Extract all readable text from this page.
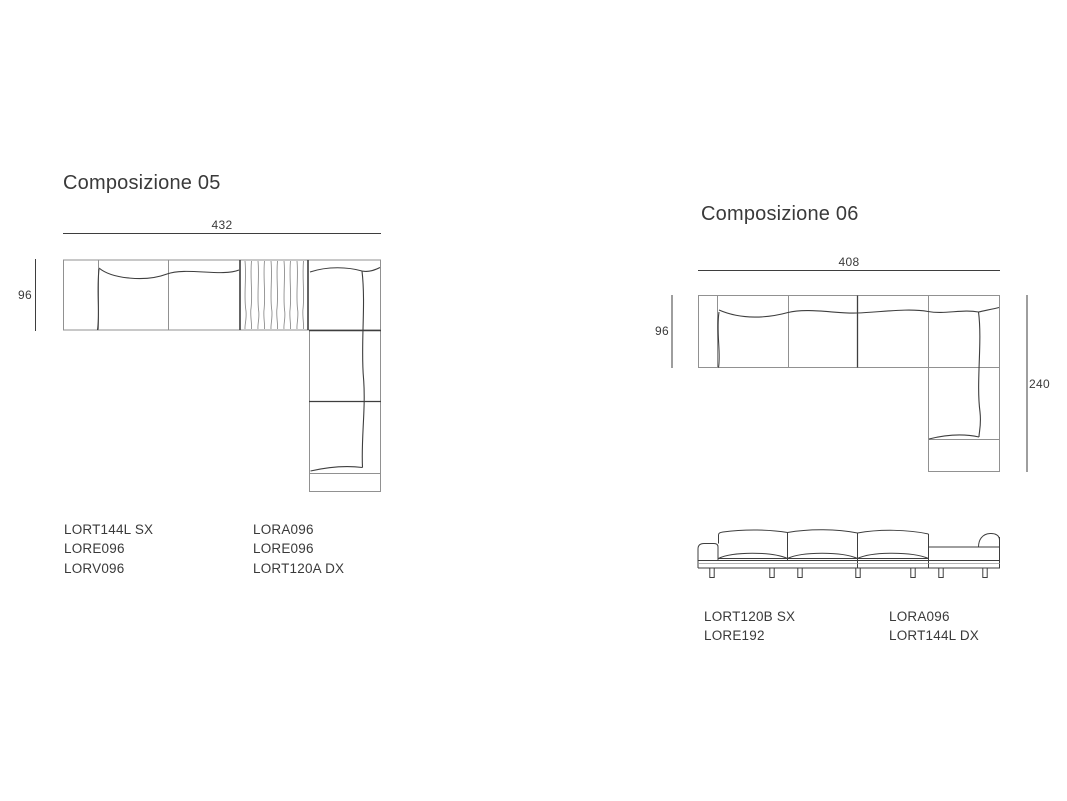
Composizione 05
432
96
LORT144L SX
LORE096
LORV096
LORA096
LORE096
LORT120A DX
Composizione 06
408
96
240
LORT120B SX
LORE192
LORA096
LORT144L DX
